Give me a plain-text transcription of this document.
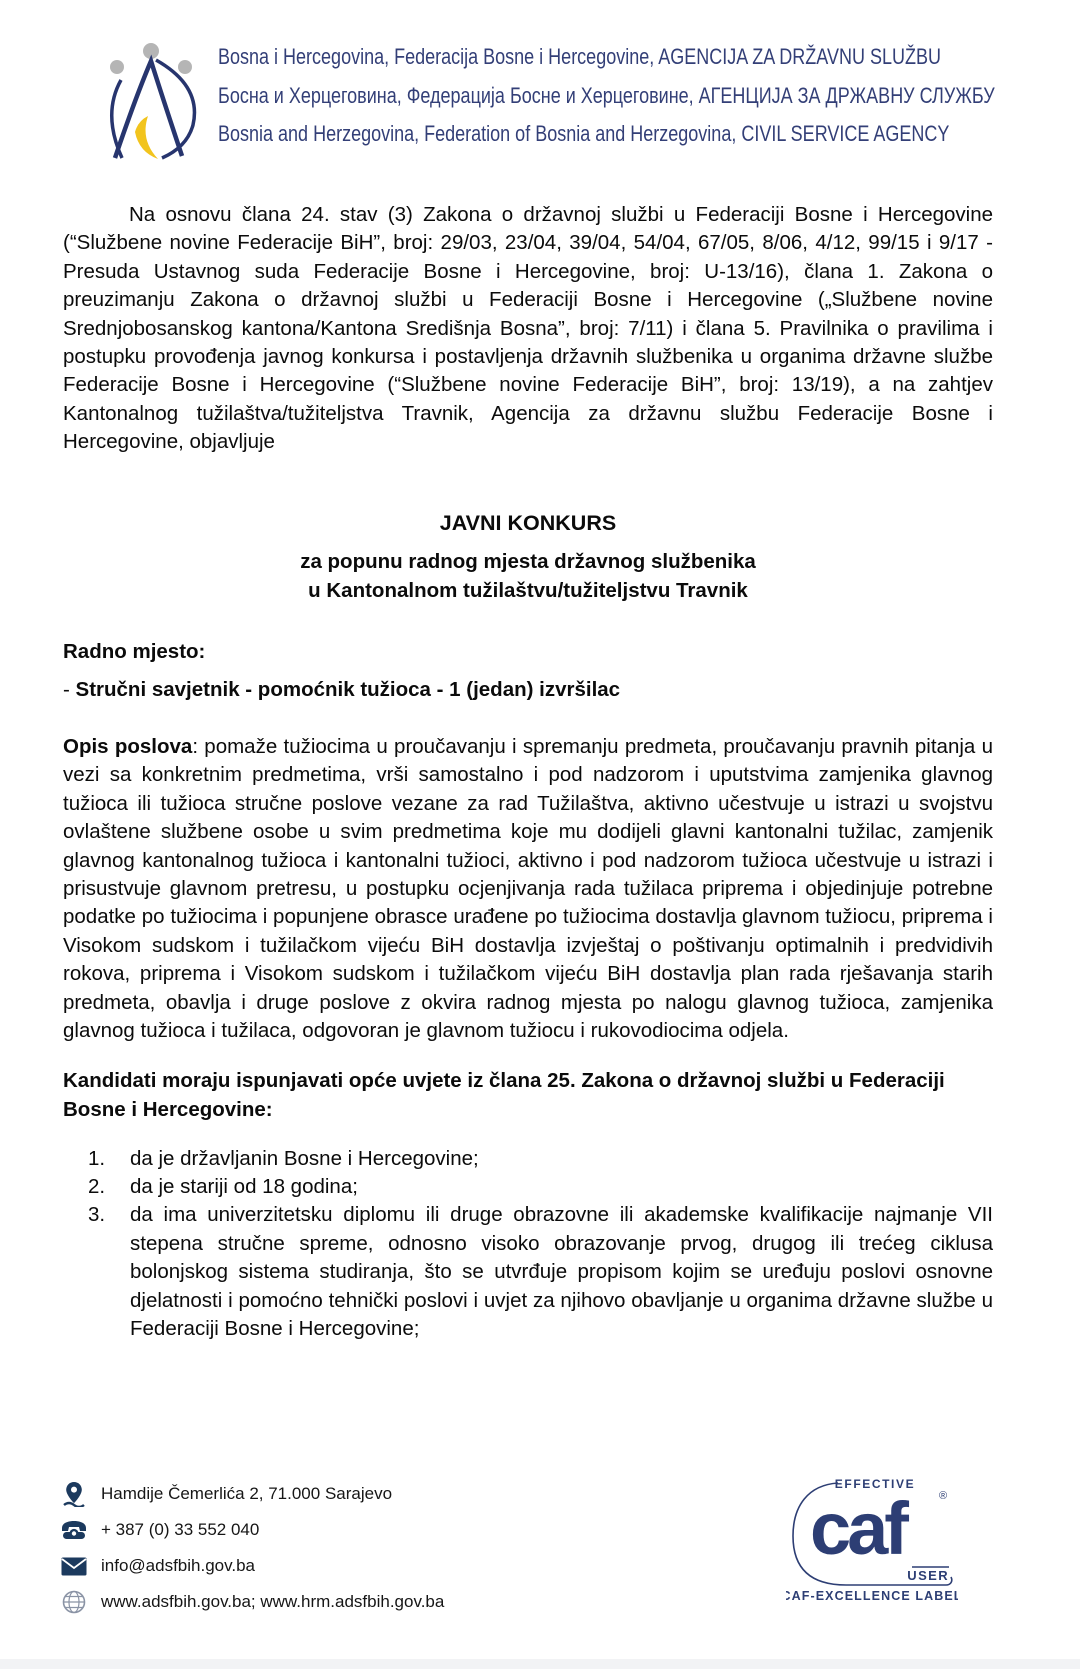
Bosna i Hercegovina, Federacija Bosne i Hercegovine, AGENCIJA ZA DRŽAVNU SLUŽBU
Босна и Херцеговина, Федерација Босне и Херцеговине, АГЕНЦИЈА ЗА ДРЖАВНУ СЛУЖБУ
Bosnia and Herzegovina, Federation of Bosnia and Herzegovina, CIVIL SERVICE AGENCY

Na osnovu člana 24. stav (3) Zakona o državnoj službi u Federaciji Bosne i Hercegovine (“Službene novine Federacije BiH”, broj: 29/03, 23/04, 39/04, 54/04, 67/05, 8/06, 4/12, 99/15 i 9/17 - Presuda Ustavnog suda Federacije Bosne i Hercegovine, broj: U-13/16), člana 1. Zakona o preuzimanju Zakona o državnoj službi u Federaciji Bosne i Hercegovine („Službene novine Srednjobosanskog kantona/Kantona Središnja Bosna”, broj: 7/11) i člana 5. Pravilnika o pravilima i postupku provođenja javnog konkursa i postavljenja državnih službenika u organima državne službe Federacije Bosne i Hercegovine (“Službene novine Federacije BiH”, broj: 13/19), a na zahtjev Kantonalnog tužilaštva/tužiteljstva Travnik, Agencija za državnu službu Federacije Bosne i Hercegovine, objavljuje

JAVNI KONKURS
za popunu radnog mjesta državnog službenika
u Kantonalnom tužilaštvu/tužiteljstvu Travnik
Radno mjesto:
- Stručni savjetnik - pomoćnik tužioca - 1 (jedan) izvršilac

Opis poslova: pomaže tužiocima u proučavanju i spremanju predmeta, proučavanju pravnih pitanja u vezi sa konkretnim predmetima, vrši samostalno i pod nadzorom i uputstvima zamjenika glavnog tužioca ili tužioca stručne poslove vezane za rad Tužilaštva, aktivno učestvuje u istrazi u svojstvu ovlaštene službene osobe u svim predmetima koje mu dodijeli glavni kantonalni tužilac, zamjenik glavnog kantonalnog tužioca i kantonalni tužioci, aktivno i pod nadzorom tužioca učestvuje u istrazi i prisustvuje glavnom pretresu, u postupku ocjenjivanja rada tužilaca priprema i objedinjuje potrebne podatke po tužiocima i popunjene obrasce urađene po tužiocima dostavlja glavnom tužiocu, priprema i Visokom sudskom i tužilačkom vijeću BiH dostavlja izvještaj o poštivanju optimalnih i predvidivih rokova, priprema i Visokom sudskom i tužilačkom vijeću BiH dostavlja plan rada rješavanja starih predmeta, obavlja i druge poslove z okvira radnog mjesta po nalogu glavnog tužioca, zamjenika glavnog tužioca i tužilaca, odgovoran je glavnom tužiocu i rukovodiocima odjela.

Kandidati moraju ispunjavati opće uvjete iz člana 25. Zakona o državnoj službi u Federaciji Bosne i Hercegovine:

1.	da je državljanin Bosne i Hercegovine;
2.	da je stariji od 18 godina;
3.	da ima univerzitetsku diplomu ili druge obrazovne ili akademske kvalifikacije najmanje VII stepena stručne spreme, odnosno visoko obrazovanje prvog, drugog ili trećeg ciklusa bolonjskog sistema studiranja, što se utvrđuje propisom kojim se uređuju poslovi osnovne djelatnosti i pomoćno tehnički poslovi i uvjet za njihovo obavljanje u organima državne službe u Federaciji Bosne i Hercegovine;
Hamdije Čemerlića 2, 71.000 Sarajevo
+ 387 (0) 33 552 040
info@adsfbih.gov.ba
www.adsfbih.gov.ba; www.hrm.adsfbih.gov.ba
EFFECTIVE
caf	®
USER
CAF-EXCELLENCE LABEL
